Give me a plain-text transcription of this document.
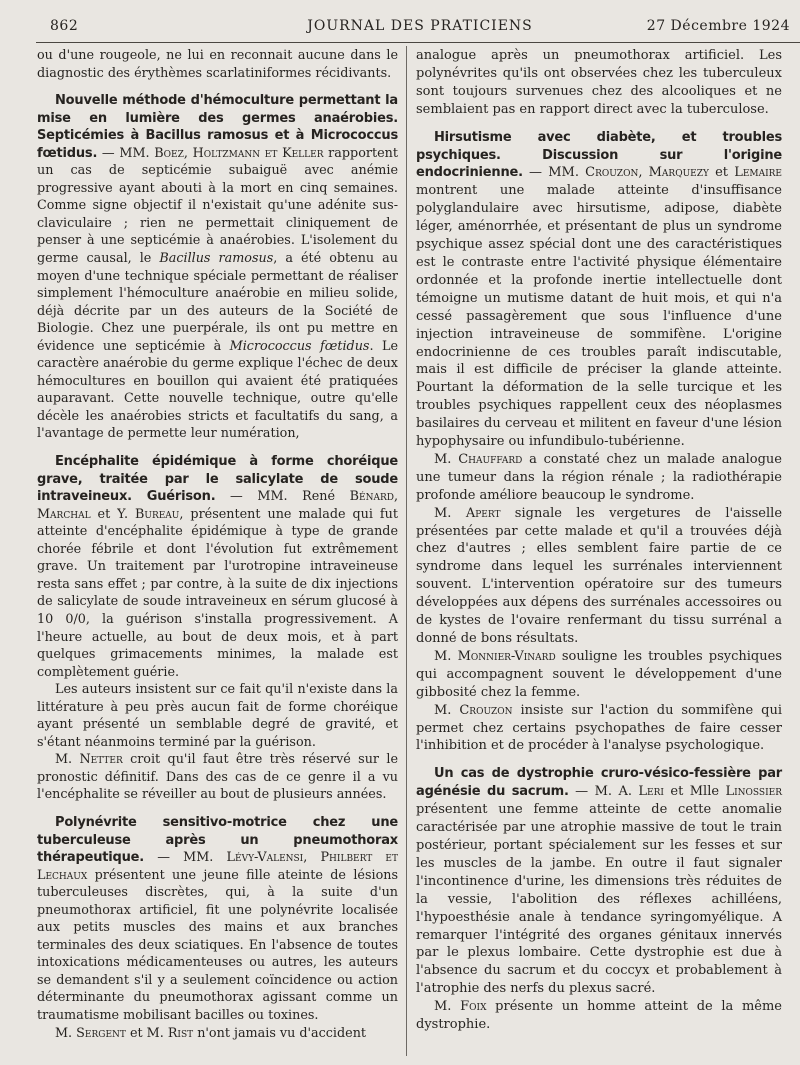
862	JOURNAL DES PRATICIENS	27 Décembre 1924

ou d'une rougeole, ne lui en reconnait aucune dans le diagnostic des érythèmes scarlatiniformes récidivants.

Nouvelle méthode d'hémoculture permettant la mise en lumière des germes anaérobies. Septicémies à Bacillus ramosus et à Micrococcus fœtidus. — MM. Boez, Holtzmann et Keller rapportent un cas de septicémie subaiguë avec anémie progressive ayant abouti à la mort en cinq semaines. Comme signe objectif il n'existait qu'une adénite sus-claviculaire ; rien ne permettait cliniquement de penser à une septicémie à anaérobies. L'isolement du germe causal, le Bacillus ramosus, a été obtenu au moyen d'une technique spéciale permettant de réaliser simplement l'hémoculture anaérobie en milieu solide, déjà décrite par un des auteurs de la Société de Biologie. Chez une puerpérale, ils ont pu mettre en évidence une septicémie à Micrococcus fœtidus. Le caractère anaérobie du germe explique l'échec de deux hémocultures en bouillon qui avaient été pratiquées auparavant. Cette nouvelle technique, outre qu'elle décèle les anaérobies stricts et facultatifs du sang, a l'avantage de permette leur numération,

Encéphalite épidémique à forme choréique grave, traitée par le salicylate de soude intraveineux. Guérison. — MM. René Bénard, Marchal et Y. Bureau, présentent une malade qui fut atteinte d'encéphalite épidémique à type de grande chorée fébrile et dont l'évolution fut extrêmement grave. Un traitement par l'urotropine intraveineuse resta sans effet ; par contre, à la suite de dix injections de salicylate de soude intraveineux en sérum glucosé à 10 0/0, la guérison s'installa progressivement. A l'heure actuelle, au bout de deux mois, et à part quelques grimacements minimes, la malade est complètement guérie.

Les auteurs insistent sur ce fait qu'il n'existe dans la littérature à peu près aucun fait de forme choréique ayant présenté un semblable degré de gravité, et s'étant néanmoins terminé par la guérison.

M. Netter croit qu'il faut être très réservé sur le pronostic définitif. Dans des cas de ce genre il a vu l'encéphalite se réveiller au bout de plusieurs années.

Polynévrite sensitivo-motrice chez une tuberculeuse après un pneumothorax thérapeutique. — MM. Lévy-Valensi, Philbert et Lechaux présentent une jeune fille ateinte de lésions tuberculeuses discrètes, qui, à la suite d'un pneumothorax artificiel, fit une polynévrite localisée aux petits muscles des mains et aux branches terminales des deux sciatiques. En l'absence de toutes intoxications médicamenteuses ou autres, les auteurs se demandent s'il y a seulement coïncidence ou action déterminante du pneumothorax agissant comme un traumatisme mobilisant bacilles ou toxines.

M. Sergent et M. Rist n'ont jamais vu d'accident

analogue après un pneumothorax artificiel. Les polynévrites qu'ils ont observées chez les tuberculeux sont toujours survenues chez des alcooliques et ne semblaient pas en rapport direct avec la tuberculose.

Hirsutisme avec diabète, et troubles psychiques. Discussion sur l'origine endocrinienne. — MM. Crouzon, Marquezy et Lemaire montrent une malade atteinte d'insuffisance polyglandulaire avec hirsutisme, adipose, diabète léger, aménorrhée, et présentant de plus un syndrome psychique assez spécial dont une des caractéristiques est le contraste entre l'activité physique élémentaire ordonnée et la profonde inertie intellectuelle dont témoigne un mutisme datant de huit mois, et qui n'a cessé passagèrement que sous l'influence d'une injection intraveineuse de sommifène. L'origine endocrinienne de ces troubles paraît indiscutable, mais il est difficile de préciser la glande atteinte. Pourtant la déformation de la selle turcique et les troubles psychiques rappellent ceux des néoplasmes basilaires du cerveau et militent en faveur d'une lésion hypophysaire ou infundibulo-tubérienne.

M. Chauffard a constaté chez un malade analogue une tumeur dans la région rénale ; la radiothérapie profonde améliore beaucoup le syndrome.

M. Apert signale les vergetures de l'aisselle présentées par cette malade et qu'il a trouvées déjà chez d'autres ; elles semblent faire partie de ce syndrome dans lequel les surrénales interviennent souvent. L'intervention opératoire sur des tumeurs développées aux dépens des surrénales accessoires ou de kystes de l'ovaire renfermant du tissu surrénal a donné de bons résultats.

M. Monnier-Vinard souligne les troubles psychiques qui accompagnent souvent le développement d'une gibbosité chez la femme.

M. Crouzon insiste sur l'action du sommifène qui permet chez certains psychopathes de faire cesser l'inhibition et de procéder à l'analyse psychologique.

Un cas de dystrophie cruro-vésico-fessière par agénésie du sacrum. — M. A. Leri et Mlle Linossier présentent une femme atteinte de cette anomalie caractérisée par une atrophie massive de tout le train postérieur, portant spécialement sur les fesses et sur les muscles de la jambe. En outre il faut signaler l'incontinence d'urine, les dimensions très réduites de la vessie, l'abolition des réflexes achilléens, l'hypoesthésie anale à tendance syringomyélique. A remarquer l'intégrité des organes génitaux innervés par le plexus lombaire. Cette dystrophie est due à l'absence du sacrum et du coccyx et probablement à l'atrophie des nerfs du plexus sacré.

M. Foix présente un homme atteint de la même dystrophie.
